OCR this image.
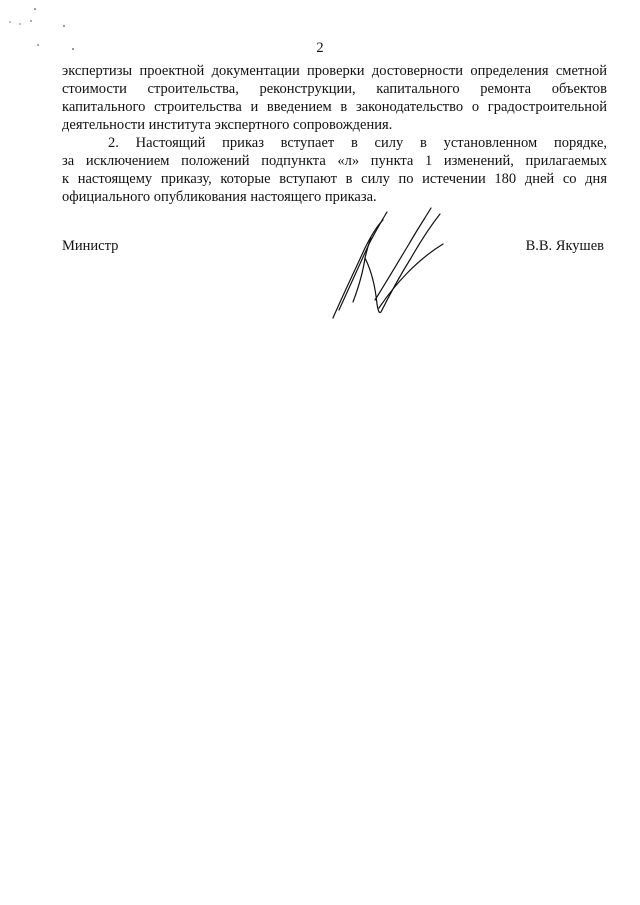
2
экспертизы проектной документации проверки достоверности определения сметной
стоимости строительства, реконструкции, капитального ремонта объектов
капитального строительства и введением в законодательство о градостроительной
деятельности института экспертного сопровождения.
2. Настоящий приказ вступает в силу в установленном порядке,
за исключением положений подпункта «л» пункта 1 изменений, прилагаемых
к настоящему приказу, которые вступают в силу по истечении 180 дней со дня
официального опубликования настоящего приказа.
Министр	В.В. Якушев
